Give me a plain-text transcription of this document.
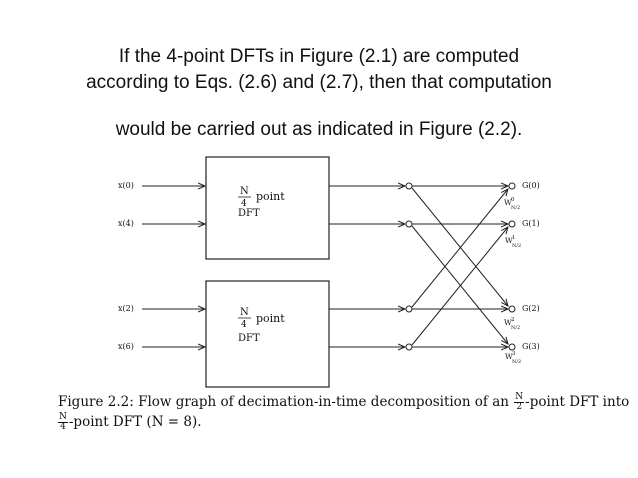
If the 4-point DFTs in Figure (2.1) are computed
according to Eqs. (2.6) and (2.7), then that computation
would be carried out as indicated in Figure (2.2).
N
4
point
DFT
N
4 point
DFT
x(0)
x(4)
x(2)
x(6)
G(0)
G(1)
G(2)
G(3)
W 0
N/2
W 1
N/2
W 2
N/2
W 3
N/2
Figure 2.2: Flow graph of decimation-in-time decomposition of an $\frac{N}{2}$ -point DFT into
$\frac{N}{4}$ -point DFT (N = 8).
